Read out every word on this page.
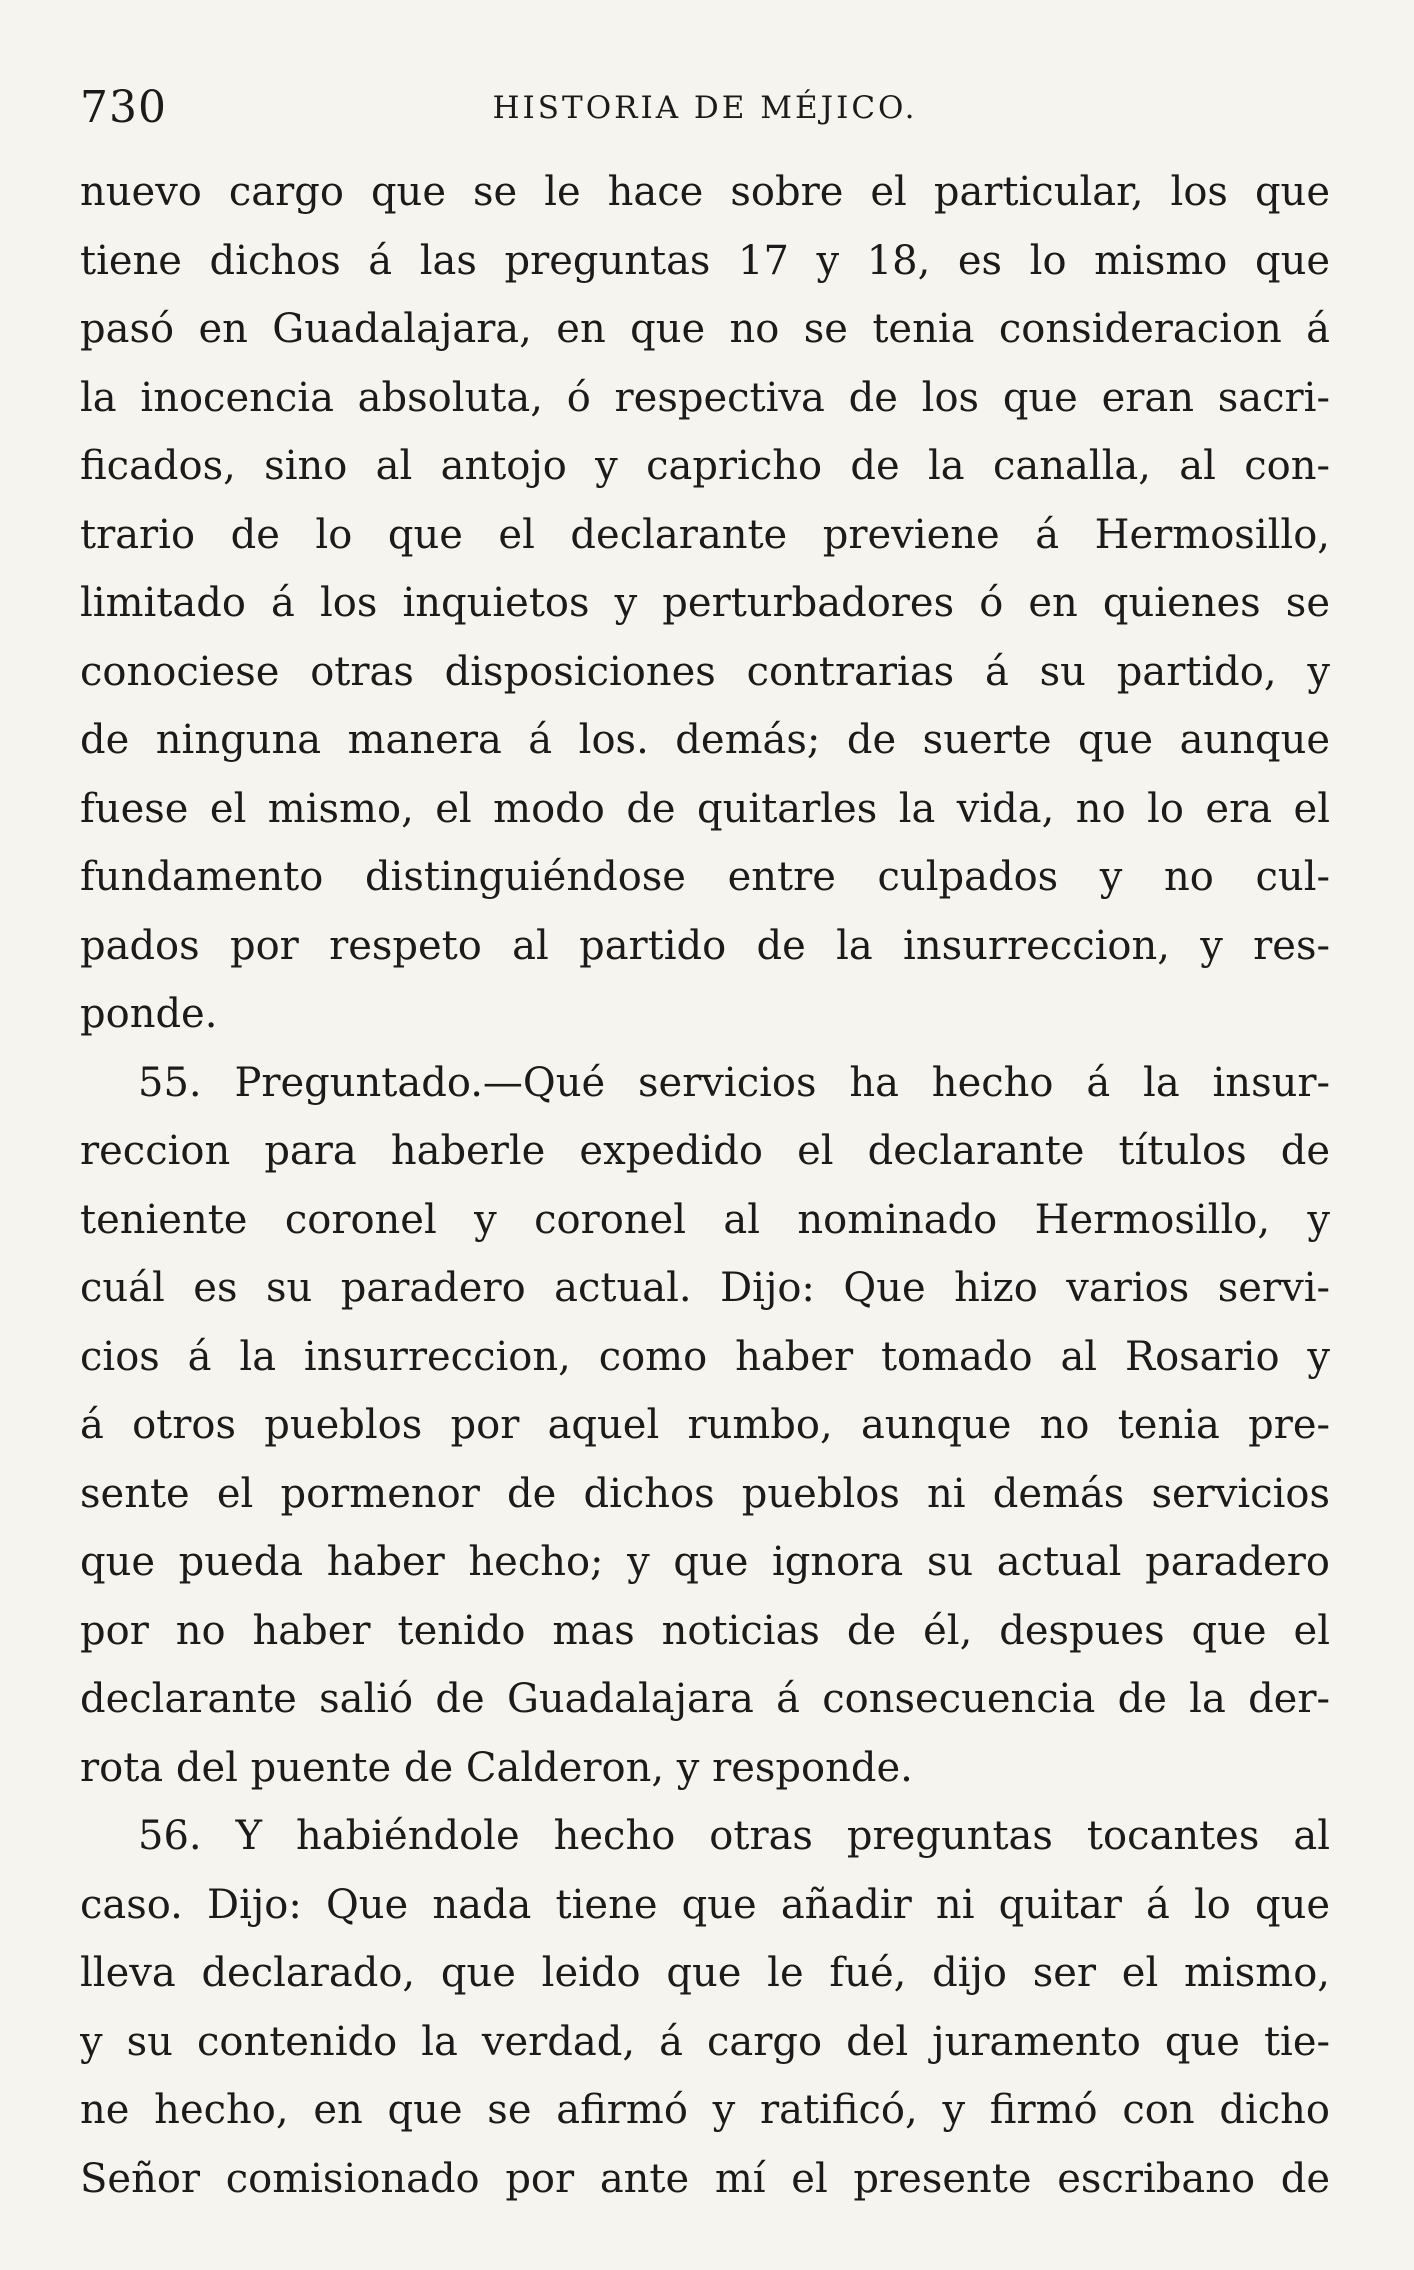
730	HISTORIA DE MÉJICO.
nuevo cargo que se le hace sobre el particular, los que
tiene dichos á las preguntas 17 y 18, es lo mismo que
pasó en Guadalajara, en que no se tenia consideracion á
la inocencia absoluta, ó respectiva de los que eran sacri-
ficados, sino al antojo y capricho de la canalla, al con-
trario de lo que el declarante previene á Hermosillo,
limitado á los inquietos y perturbadores ó en quienes se
conociese otras disposiciones contrarias á su partido, y
de ninguna manera á los. demás; de suerte que aunque
fuese el mismo, el modo de quitarles la vida, no lo era el
fundamento distinguiéndose entre culpados y no cul-
pados por respeto al partido de la insurreccion, y res-
ponde.
55. Preguntado.—Qué servicios ha hecho á la insur-
reccion para haberle expedido el declarante títulos de
teniente coronel y coronel al nominado Hermosillo, y
cuál es su paradero actual. Dijo: Que hizo varios servi-
cios á la insurreccion, como haber tomado al Rosario y
á otros pueblos por aquel rumbo, aunque no tenia pre-
sente el pormenor de dichos pueblos ni demás servicios
que pueda haber hecho; y que ignora su actual paradero
por no haber tenido mas noticias de él, despues que el
declarante salió de Guadalajara á consecuencia de la der-
rota del puente de Calderon, y responde.
56. Y habiéndole hecho otras preguntas tocantes al
caso. Dijo: Que nada tiene que añadir ni quitar á lo que
lleva declarado, que leido que le fué, dijo ser el mismo,
y su contenido la verdad, á cargo del juramento que tie-
ne hecho, en que se afirmó y ratificó, y firmó con dicho
Señor comisionado por ante mí el presente escribano de
